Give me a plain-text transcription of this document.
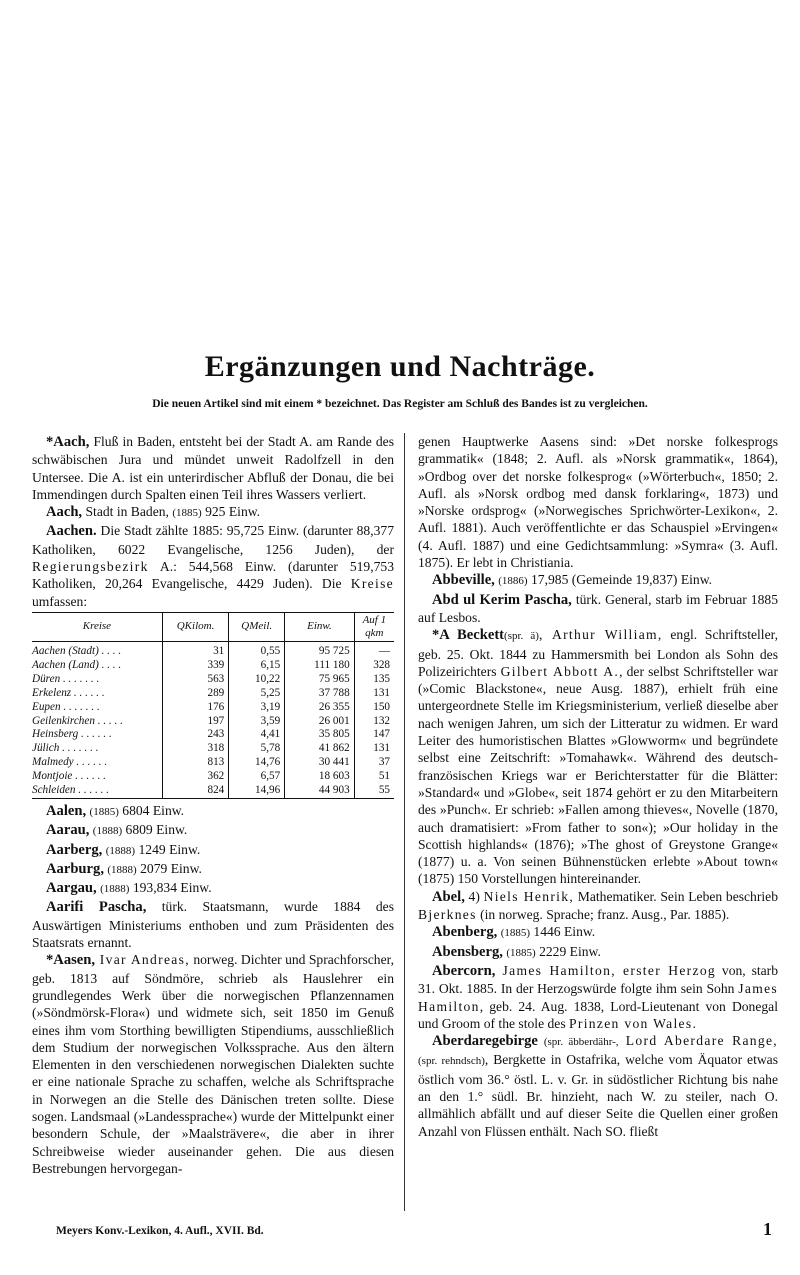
Ergänzungen und Nachträge.
Die neuen Artikel sind mit einem * bezeichnet. Das Register am Schluß des Bandes ist zu vergleichen.

*Aach, Fluß in Baden, entsteht bei der Stadt A. am Rande des schwäbischen Jura und mündet unweit Radolfzell in den Untersee. Die A. ist ein unterirdischer Abfluß der Donau, die bei Immendingen durch Spalten einen Teil ihres Wassers verliert.

Aach, Stadt in Baden, (1885) 925 Einw.

Aachen. Die Stadt zählte 1885: 95,725 Einw. (darunter 88,377 Katholiken, 6022 Evangelische, 1256 Juden), der Regierungsbezirk A.: 544,568 Einw. (darunter 519,753 Katholiken, 20,264 Evangelische, 4429 Juden). Die Kreise umfassen:

Kreise	QKilom.	QMeil.	Einw.	Auf 1 qkm
Aachen (Stadt) . . . .	31	0,55	95 725	—
Aachen (Land) . . . .	339	6,15	111 180	328
Düren . . . . . . .	563	10,22	75 965	135
Erkelenz . . . . . .	289	5,25	37 788	131
Eupen . . . . . . .	176	3,19	26 355	150
Geilenkirchen . . . . .	197	3,59	26 001	132
Heinsberg . . . . . .	243	4,41	35 805	147
Jülich . . . . . . .	318	5,78	41 862	131
Malmedy . . . . . .	813	14,76	30 441	37
Montjoie . . . . . .	362	6,57	18 603	51
Schleiden . . . . . .	824	14,96	44 903	55

Aalen, (1885) 6804 Einw.

Aarau, (1888) 6809 Einw.

Aarberg, (1888) 1249 Einw.

Aarburg, (1888) 2079 Einw.

Aargau, (1888) 193,834 Einw.

Aarifi Pascha, türk. Staatsmann, wurde 1884 des Auswärtigen Ministeriums enthoben und zum Präsidenten des Staatsrats ernannt.

*Aasen, Ivar Andreas, norweg. Dichter und Sprachforscher, geb. 1813 auf Söndmöre, schrieb als Hauslehrer ein grundlegendes Werk über die norwegischen Pflanzennamen (»Söndmörsk-Flora«) und widmete sich, seit 1850 im Genuß eines ihm vom Storthing bewilligten Stipendiums, ausschließlich dem Studium der norwegischen Volkssprache. Aus den ältern Elementen in den verschiedenen norwegischen Dialekten suchte er eine nationale Sprache zu schaffen, welche als Schriftsprache in Norwegen an die Stelle des Dänischen treten sollte. Diese sogen. Landsmaal (»Landessprache«) wurde der Mittelpunkt einer besondern Schule, der »Maalsträvere«, die aber in ihrer Schreibweise wieder auseinander gehen. Die aus diesen Bestrebungen hervorgegan-

genen Hauptwerke Aasens sind: »Det norske folkesprogs grammatik« (1848; 2. Aufl. als »Norsk grammatik«, 1864), »Ordbog over det norske folkesprog« (»Wörterbuch«, 1850; 2. Aufl. als »Norsk ordbog med dansk forklaring«, 1873) und »Norske ordsprog« (»Norwegisches Sprichwörter-Lexikon«, 2. Aufl. 1881). Auch veröffentlichte er das Schauspiel »Ervingen« (4. Aufl. 1887) und eine Gedichtsammlung: »Symra« (3. Aufl. 1875). Er lebt in Christiania.

Abbeville, (1886) 17,985 (Gemeinde 19,837) Einw.

Abd ul Kerim Pascha, türk. General, starb im Februar 1885 auf Lesbos.

*A Beckett(spr. ä), Arthur William, engl. Schriftsteller, geb. 25. Okt. 1844 zu Hammersmith bei London als Sohn des Polizeirichters Gilbert Abbott A., der selbst Schriftsteller war (»Comic Blackstone«, neue Ausg. 1887), erhielt früh eine untergeordnete Stelle im Kriegsministerium, verließ dieselbe aber nach wenigen Jahren, um sich der Litteratur zu widmen. Er ward Leiter des humoristischen Blattes »Glowworm« und begründete selbst eine Zeitschrift: »Tomahawk«. Während des deutsch-französischen Kriegs war er Berichterstatter für die Blätter: »Standard« und »Globe«, seit 1874 gehört er zu den Mitarbeitern des »Punch«. Er schrieb: »Fallen among thieves«, Novelle (1870, auch dramatisiert: »From father to son«); »Our holiday in the Scottish highlands« (1876); »The ghost of Greystone Grange« (1877) u. a. Von seinen Bühnenstücken erlebte »About town« (1875) 150 Vorstellungen hintereinander.

Abel, 4) Niels Henrik, Mathematiker. Sein Leben beschrieb Bjerknes (in norweg. Sprache; franz. Ausg., Par. 1885).

Abenberg, (1885) 1446 Einw.

Abensberg, (1885) 2229 Einw.

Abercorn, James Hamilton, erster Herzog von, starb 31. Okt. 1885. In der Herzogswürde folgte ihm sein Sohn James Hamilton, geb. 24. Aug. 1838, Lord-Lieutenant von Donegal und Groom of the stole des Prinzen von Wales.

Aberdaregebirge (spr. äbberdähr-, Lord Aberdare Range, (spr. rehndsch), Bergkette in Ostafrika, welche vom Äquator etwas östlich vom 36.° östl. L. v. Gr. in südöstlicher Richtung bis nahe an den 1.° südl. Br. hinzieht, nach W. zu steiler, nach O. allmählich abfällt und auf dieser Seite die Quellen einer großen Anzahl von Flüssen enthält. Nach SO. fließt

Meyers Konv.-Lexikon, 4. Aufl., XVII. Bd.	1
